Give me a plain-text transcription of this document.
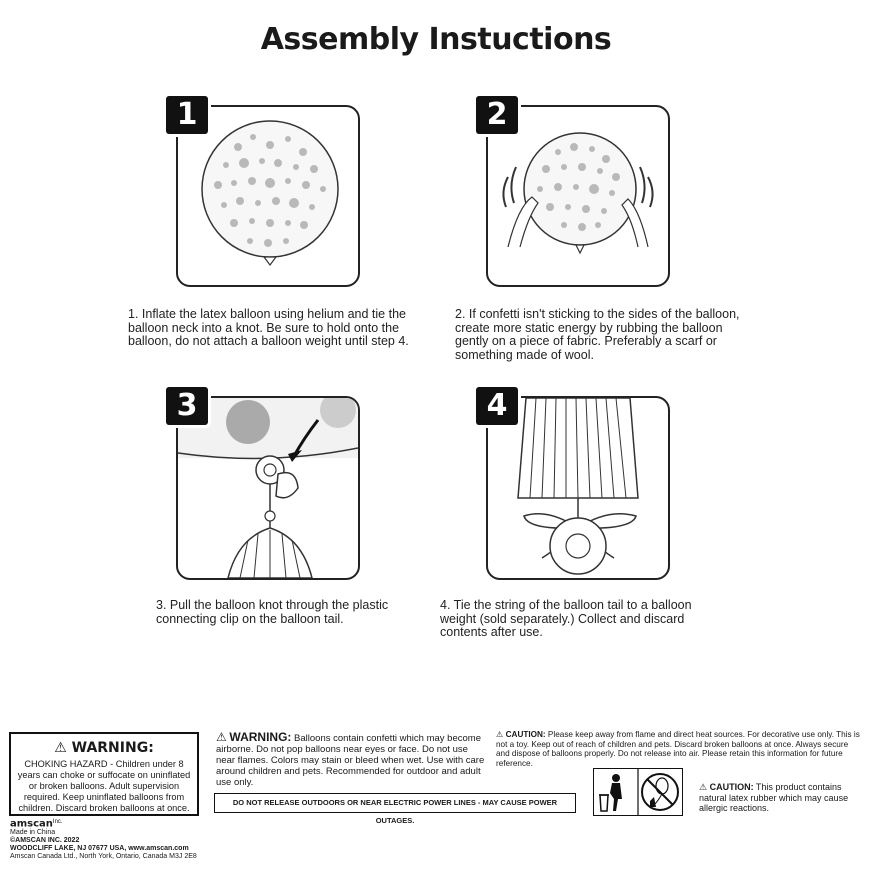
Assembly Instuctions
1
1. Inflate the latex balloon using helium and tie the balloon neck into a knot. Be sure to hold onto the balloon, do not attach a balloon weight until step 4.
2
2. If confetti isn't sticking to the sides of the balloon, create more static energy by rubbing the balloon gently on a piece of fabric. Preferably a scarf or something made of wool.
3
3. Pull the balloon knot through the plastic connecting clip on the balloon tail.
4
4. Tie the string of the balloon tail to a balloon weight (sold separately.) Collect and discard contents after use.
⚠ WARNING:
CHOKING HAZARD - Children under 8 years can choke or suffocate on uninflated or broken balloons. Adult supervision required. Keep uninflated balloons from children. Discard broken balloons at once.
⚠ WARNING: Balloons contain confetti which may become airborne. Do not pop balloons near eyes or face. Do not use near flames. Colors may stain or bleed when wet. Use with care around children and pets. Recommended for outdoor and adult use only.
DO NOT RELEASE OUTDOORS OR NEAR ELECTRIC POWER LINES - MAY CAUSE POWER OUTAGES.
⚠ CAUTION: Please keep away from flame and direct heat sources. For decorative use only. This is not a toy. Keep out of reach of children and pets. Discard broken balloons at once. Always secure and dispose of balloons properly. Do not release into air. Please retain this information for future reference.
⚠ CAUTION: This product contains natural latex rubber which may cause allergic reactions.
amscan$^{Inc.}$
Made in China
©AMSCAN INC. 2022
WOODCLIFF LAKE, NJ 07677 USA, www.amscan.com
Amscan Canada Ltd., North York, Ontario, Canada M3J 2E8
